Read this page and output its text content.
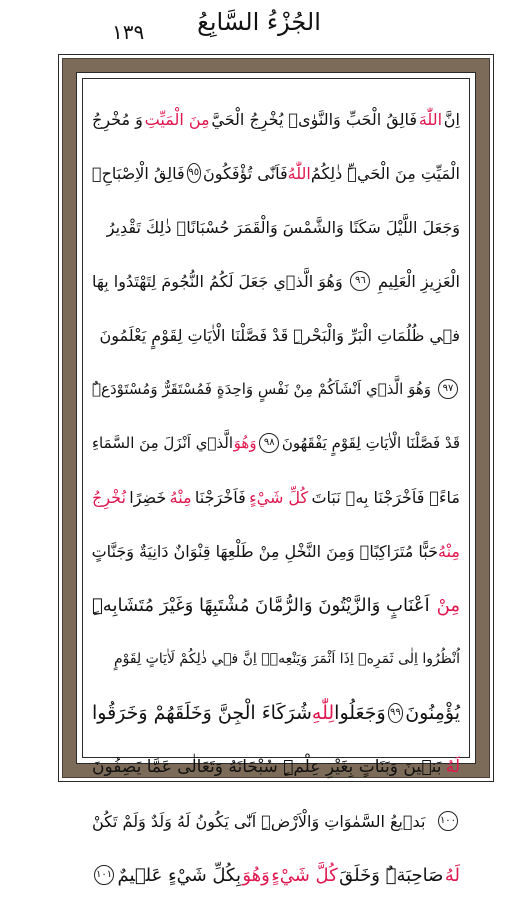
الجُزْءُ السَّابِعُ
١٣٩
اِنَّ
اللّٰهَ
فَالِقُ الْحَبِّ وَالنَّوٰىۜ يُخْرِجُ الْحَيَّ
مِنَ الْمَيِّتِ
وَ مُخْرِجُ
الْمَيِّتِ مِنَ الْحَيِّۜ ذٰلِكُمُ
اللّٰهُ
فَاَنّٰى تُؤْفَكُونَ
٩٥
فَالِقُ الْاِصْبَاحِۚ
وَجَعَلَ اللَّيْلَ سَكَنًا وَالشَّمْسَ وَالْقَمَرَ حُسْبَانًاۜ ذٰلِكَ تَقْدِيرُ
الْعَزِيزِ الْعَلِيمِ
٩٦
وَهُوَ الَّذ۪ي جَعَلَ لَكُمُ النُّجُومَ لِتَهْتَدُوا بِهَا
ف۪ي ظُلُمَاتِ الْبَرِّ وَالْبَحْرِۜ قَدْ فَصَّلْنَا الْاٰيَاتِ لِقَوْمٍ يَعْلَمُونَ
٩٧
وَهُوَ الَّذ۪ي اَنْشَاَكُمْ مِنْ نَفْسٍ وَاحِدَةٍ فَمُسْتَقَرٌّ وَمُسْتَوْدَعٌۜ
قَدْ فَصَّلْنَا الْاٰيَاتِ لِقَوْمٍ يَفْقَهُونَ
٩٨
وَهُوَ
الَّذ۪ي اَنْزَلَ مِنَ السَّمَاءِ
مَاءًۚ فَاَخْرَجْنَا بِه۪ نَبَاتَ
كُلِّ شَيْءٍ
فَاَخْرَجْنَا
مِنْهُ
خَضِرًا
نُخْرِجُ
مِنْهُ
حَبًّا مُتَرَاكِبًاۚ وَمِنَ النَّخْلِ مِنْ طَلْعِهَا قِنْوَانٌ دَانِيَةٌ وَجَنَّاتٍ
مِنْ
اَعْنَابٍ وَالزَّيْتُونَ وَالرُّمَّانَ مُشْتَبِهًا وَغَيْرَ مُتَشَابِهٍۜ
اُنْظُرُوا اِلٰى ثَمَرِه۪ اِذَا اَثْمَرَ وَيَنْعِه۪ۜ اِنَّ ف۪ي ذٰلِكُمْ لَاٰيَاتٍ لِقَوْمٍ
يُؤْمِنُونَ
٩٩
وَجَعَلُوا
لِلّٰهِ
شُرَكَاءَ الْجِنَّ وَخَلَقَهُمْ وَخَرَقُوا
لَهُ
بَن۪ينَ وَبَنَاتٍ بِغَيْرِ عِلْمٍۜ سُبْحَانَهُ وَتَعَالٰى عَمَّا يَصِفُونَ
١٠٠
بَد۪يعُ السَّمٰوَاتِ وَالْاَرْضِۜ اَنّٰى يَكُونُ لَهُ وَلَدٌ وَلَمْ تَكُنْ
لَهُ
صَاحِبَةٌۜ وَخَلَقَ
كُلَّ شَيْءٍ
وَهُوَ
بِكُلِّ شَيْءٍ عَل۪يمٌ
١٠١
